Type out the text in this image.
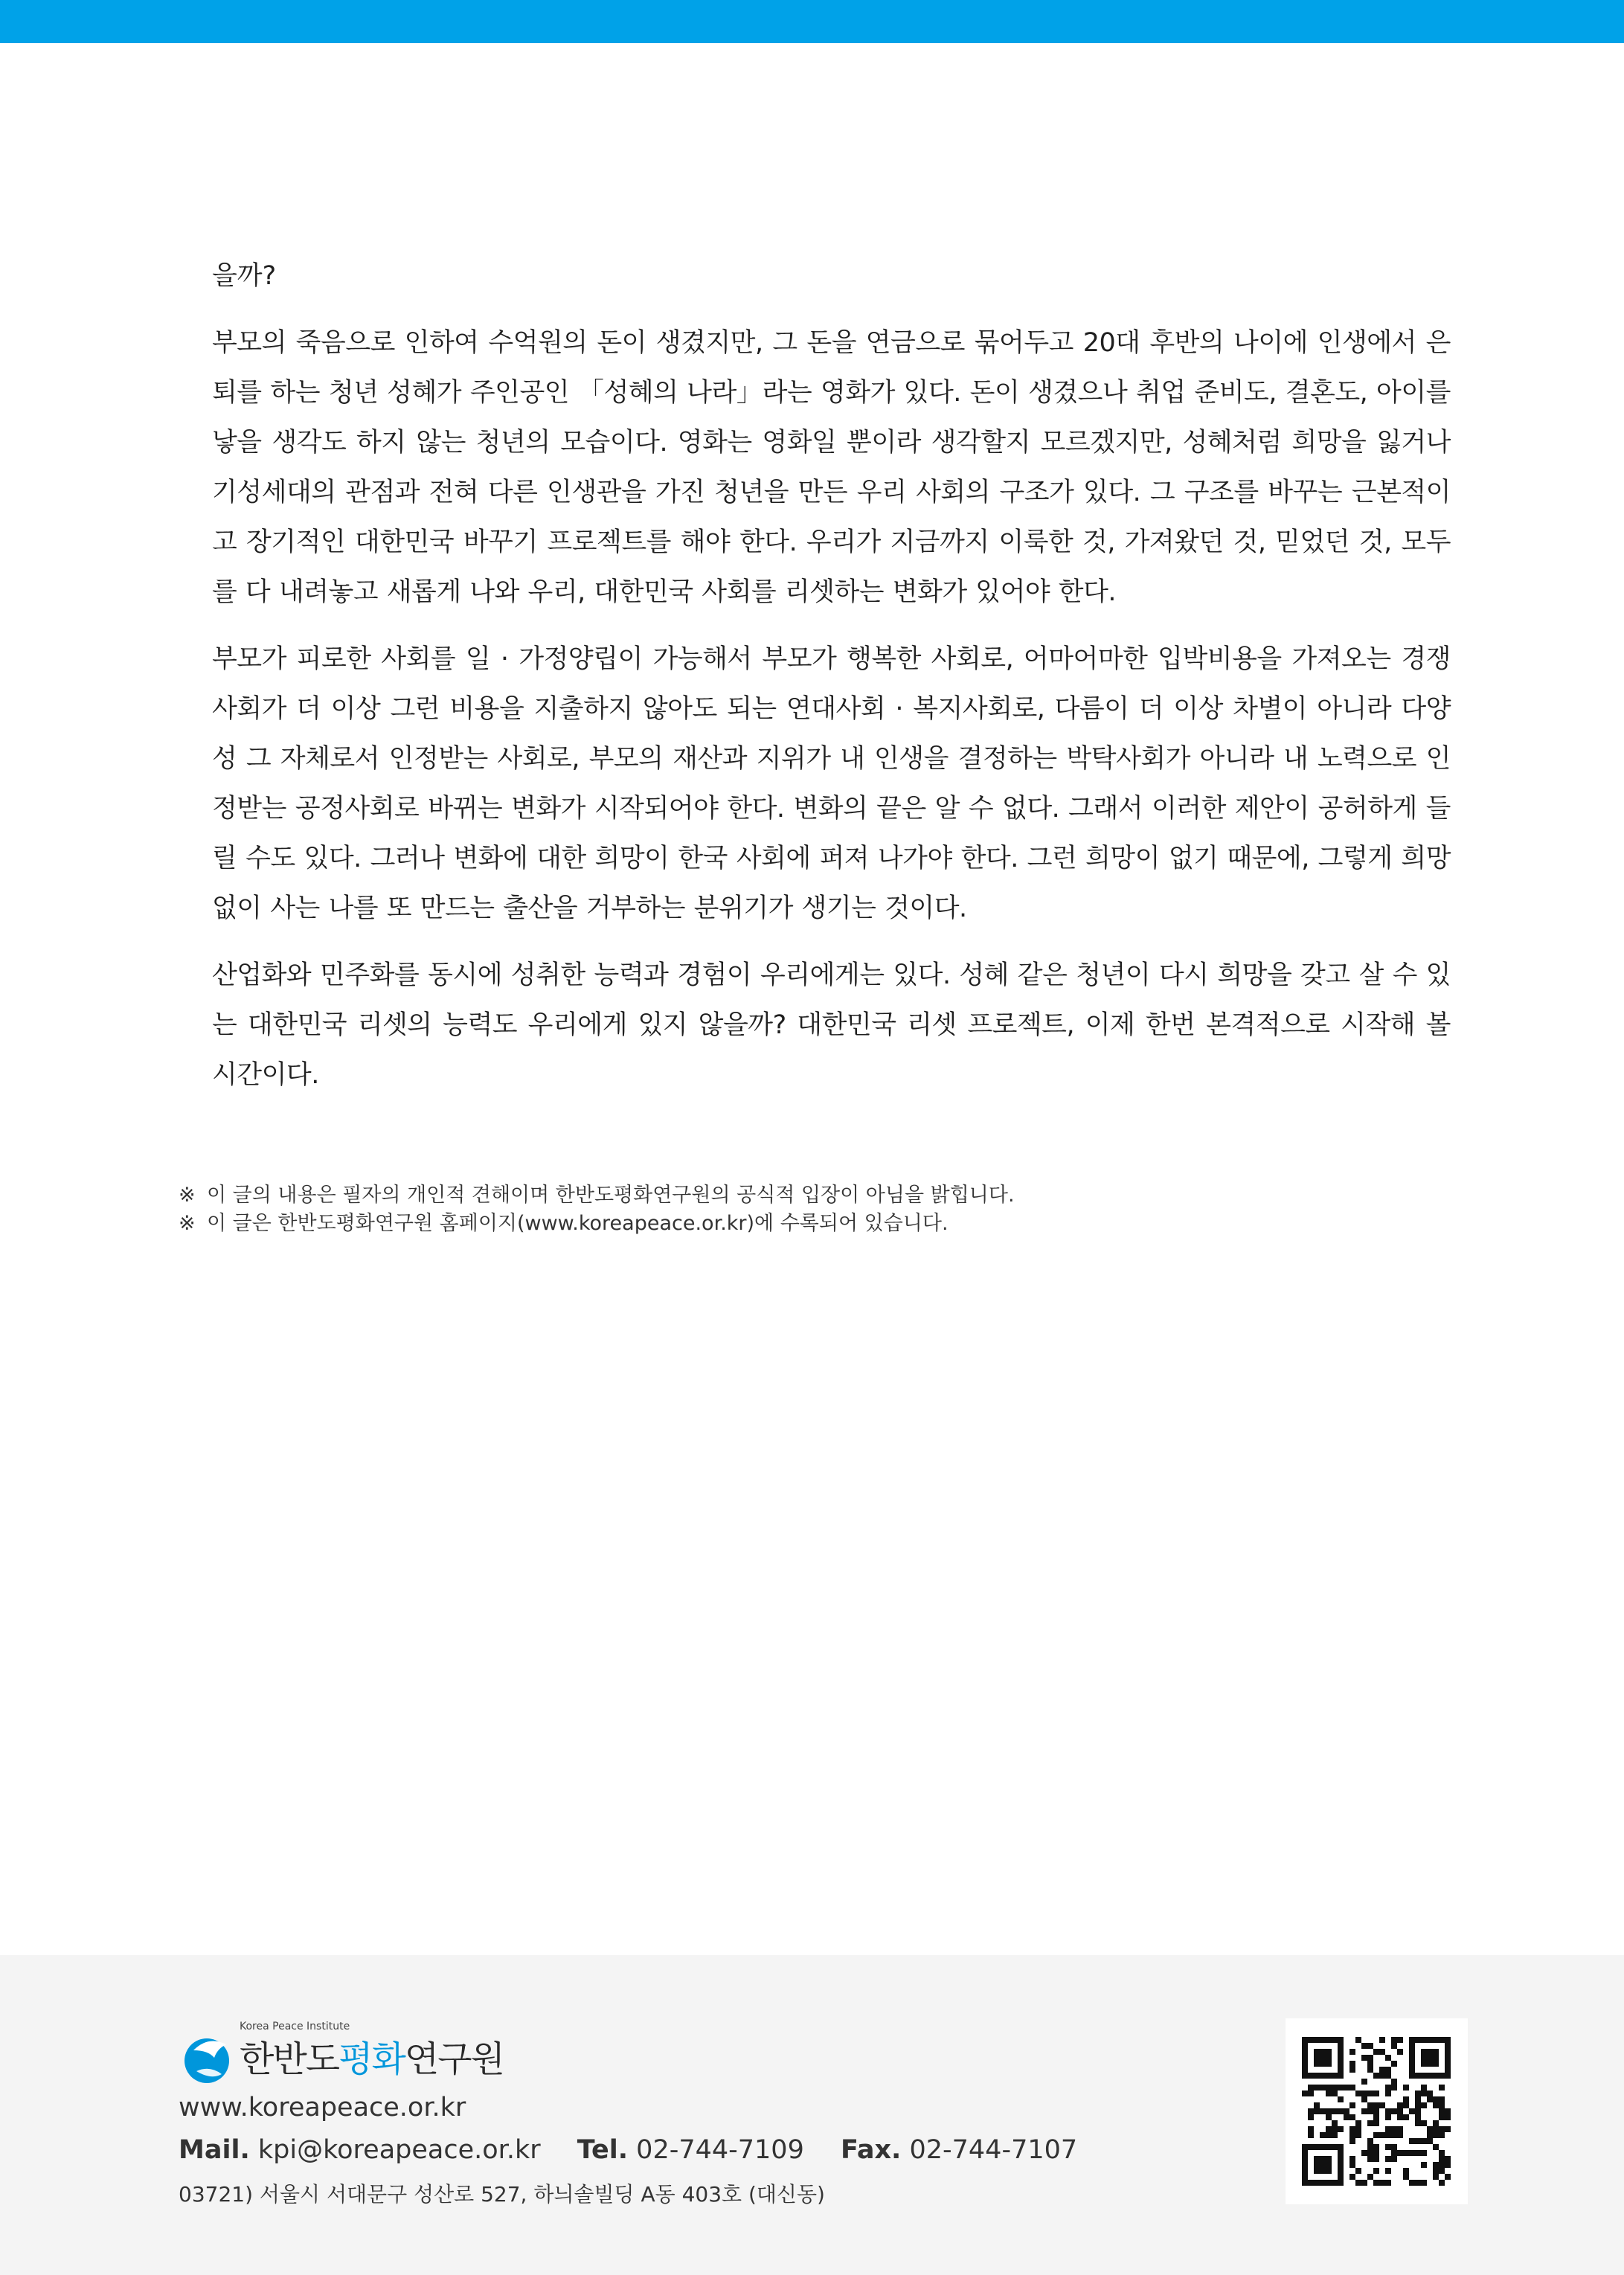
을까?

부모의 죽음으로 인하여 수억원의 돈이 생겼지만, 그 돈을 연금으로 묶어두고 20대 후반의 나이에 인생에서 은퇴를 하는 청년 성혜가 주인공인 「성혜의 나라」라는 영화가 있다. 돈이 생겼으나 취업 준비도, 결혼도, 아이를 낳을 생각도 하지 않는 청년의 모습이다. 영화는 영화일 뿐이라 생각할지 모르겠지만, 성혜처럼 희망을 잃거나 기성세대의 관점과 전혀 다른 인생관을 가진 청년을 만든 우리 사회의 구조가 있다. 그 구조를 바꾸는 근본적이고 장기적인 대한민국 바꾸기 프로젝트를 해야 한다. 우리가 지금까지 이룩한 것, 가져왔던 것, 믿었던 것, 모두를 다 내려놓고 새롭게 나와 우리, 대한민국 사회를 리셋하는 변화가 있어야 한다.

부모가 피로한 사회를 일 · 가정양립이 가능해서 부모가 행복한 사회로, 어마어마한 입박비용을 가져오는 경쟁사회가 더 이상 그런 비용을 지출하지 않아도 되는 연대사회 · 복지사회로, 다름이 더 이상 차별이 아니라 다양성 그 자체로서 인정받는 사회로, 부모의 재산과 지위가 내 인생을 결정하는 박탁사회가 아니라 내 노력으로 인정받는 공정사회로 바뀌는 변화가 시작되어야 한다. 변화의 끝은 알 수 없다. 그래서 이러한 제안이 공허하게 들릴 수도 있다. 그러나 변화에 대한 희망이 한국 사회에 퍼져 나가야 한다. 그런 희망이 없기 때문에, 그렇게 희망 없이 사는 나를 또 만드는 출산을 거부하는 분위기가 생기는 것이다.

산업화와 민주화를 동시에 성취한 능력과 경험이 우리에게는 있다. 성혜 같은 청년이 다시 희망을 갖고 살 수 있는 대한민국 리셋의 능력도 우리에게 있지 않을까? 대한민국 리셋 프로젝트, 이제 한번 본격적으로 시작해 볼 시간이다.

※ 이 글의 내용은 필자의 개인적 견해이며 한반도평화연구원의 공식적 입장이 아님을 밝힙니다.

※ 이 글은 한반도평화연구원 홈페이지(www.koreapeace.or.kr)에 수록되어 있습니다.

Korea Peace Institute
한반도평화연구원
www.koreapeace.or.kr
Mail. kpi@koreapeace.or.kr Tel. 02-744-7109 Fax. 02-744-7107
03721) 서울시 서대문구 성산로 527, 하늬솔빌딩 A동 403호 (대신동)
